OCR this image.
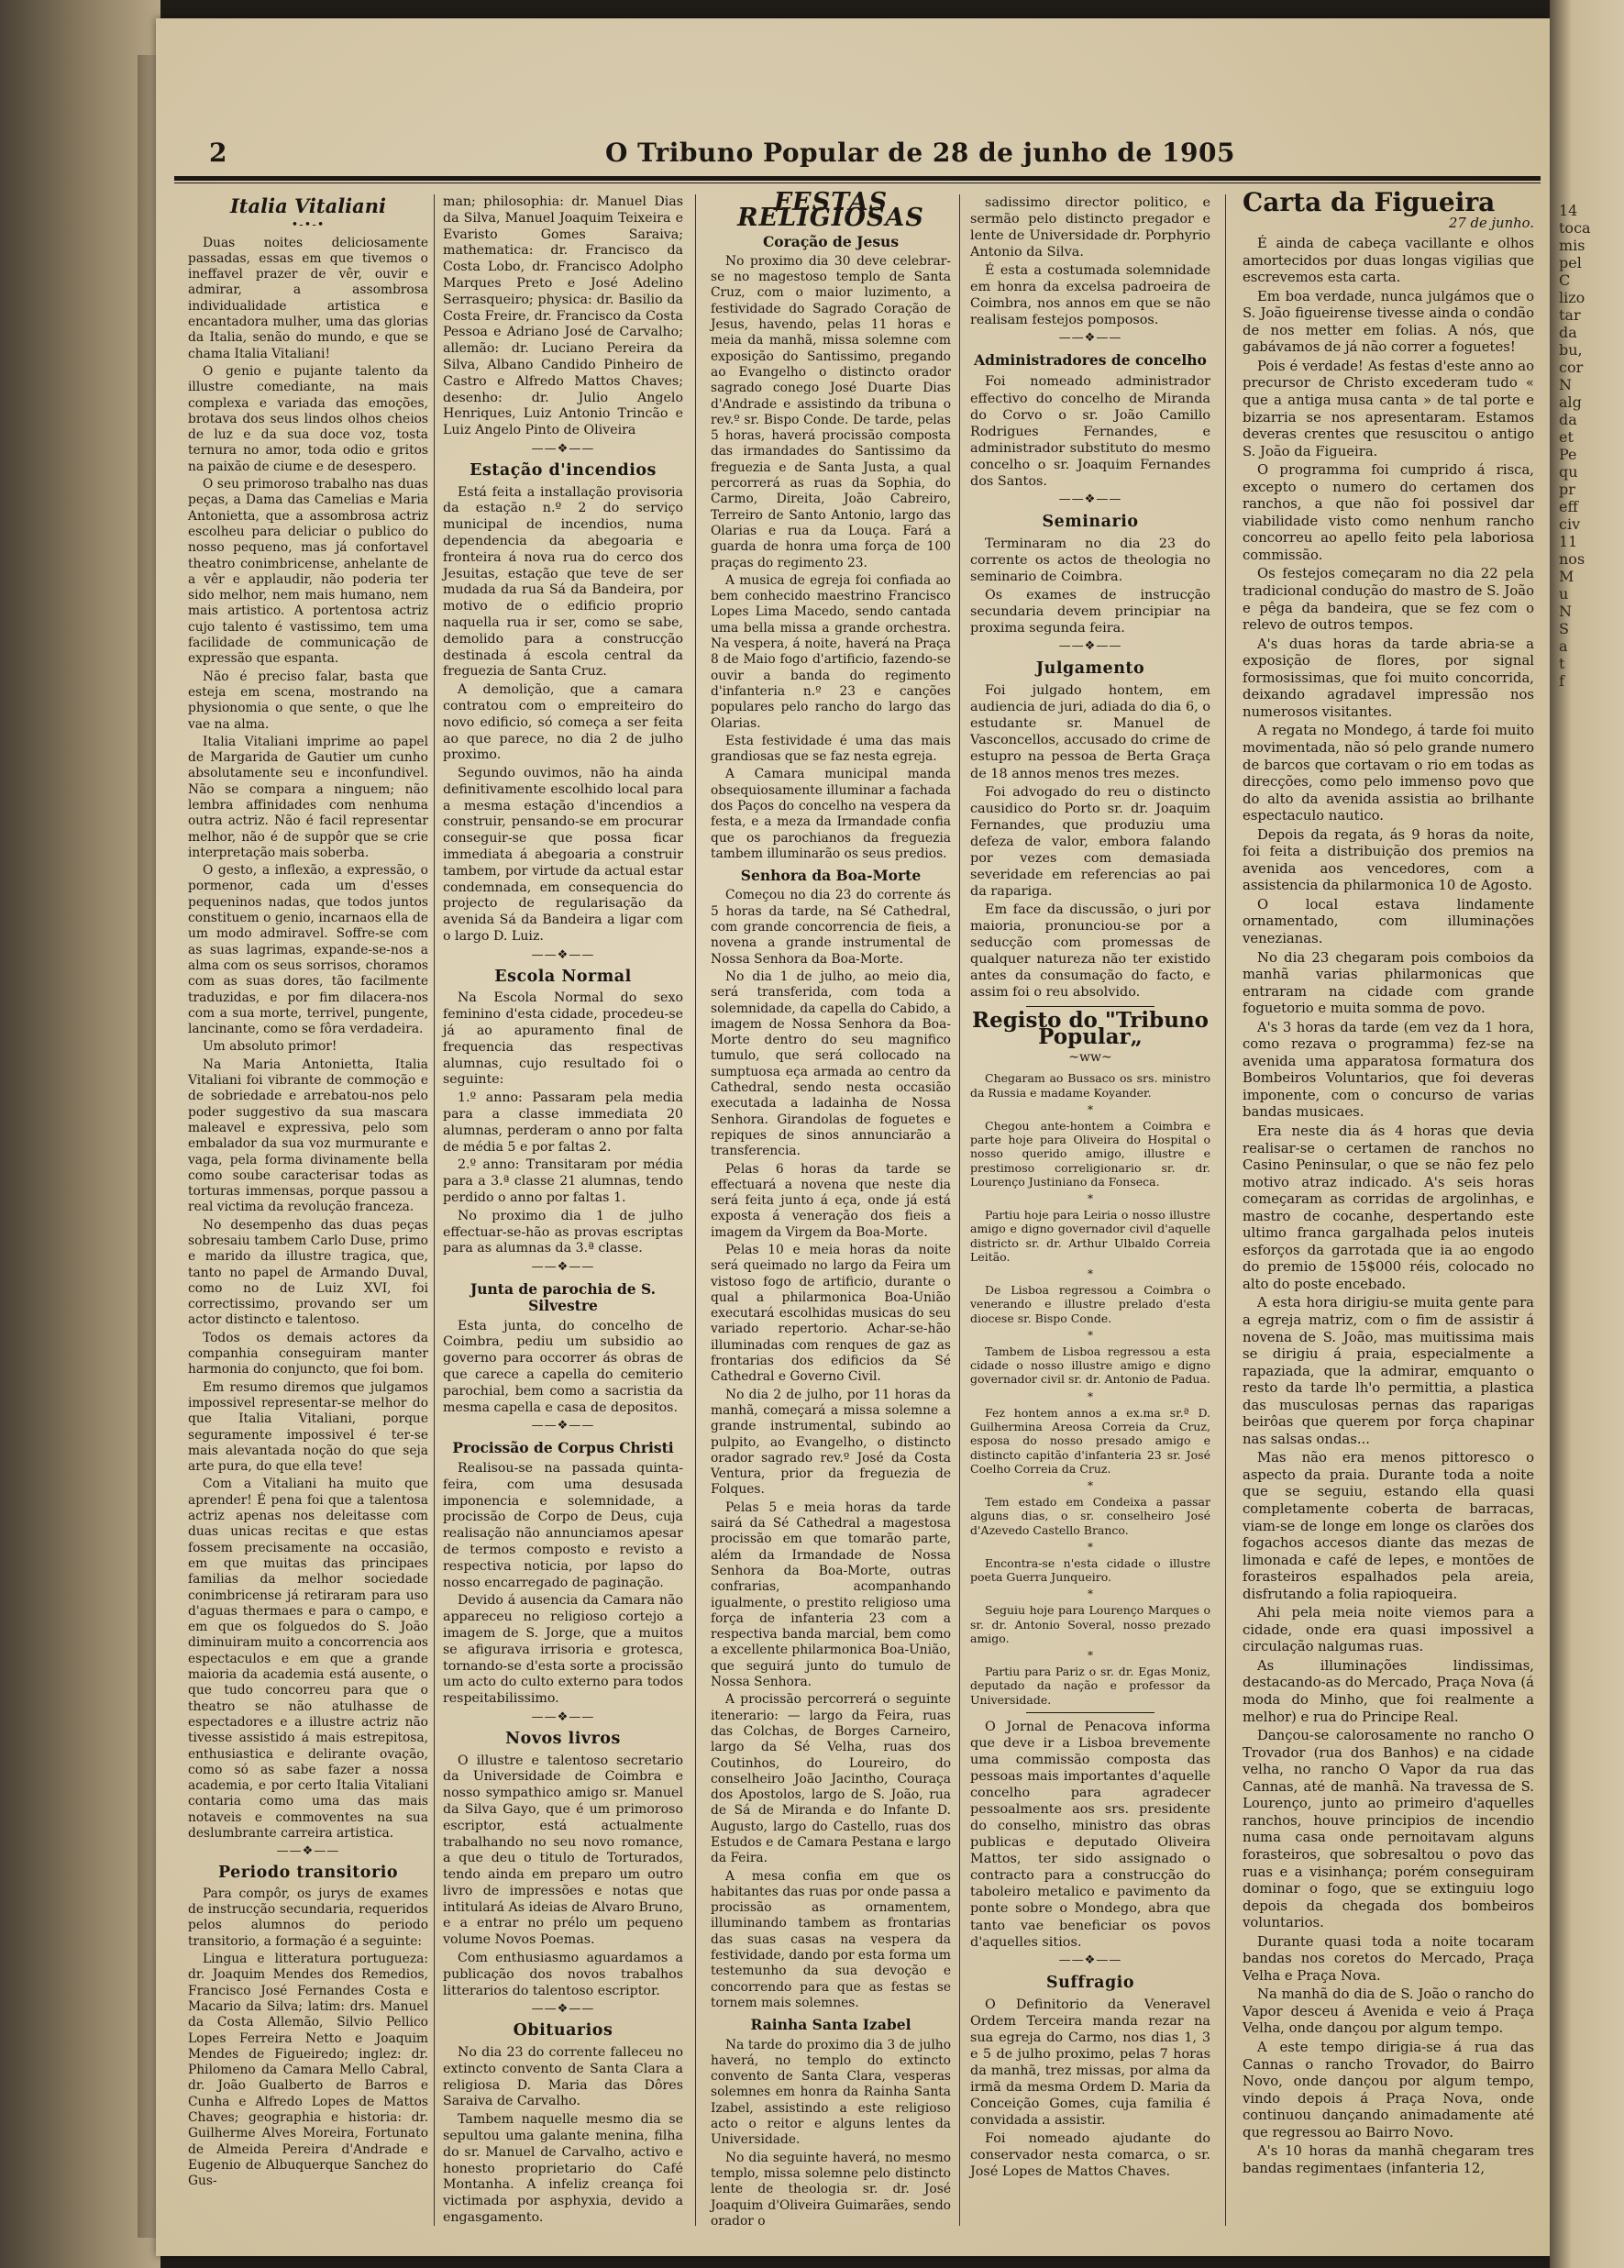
14
toca
mis
pel
C
lizo
tar
da
bu,
cor
N
alg
da
et
Pe
qu
pr
eff
civ
11
nos
M
u
N
S
a
t
f
2	O Tribuno Popular de 28 de junho de 1905
Italia Vitaliani
•-•-•

Duas noites deliciosamente passadas, essas em que tivemos o ineffavel prazer de vêr, ouvir e admirar, a assombrosa individualidade artistica e encantadora mulher, uma das glorias da Italia, senão do mundo, e que se chama Italia Vitaliani!

O genio e pujante talento da illustre comediante, na mais complexa e variada das emoções, brotava dos seus lindos olhos cheios de luz e da sua doce voz, tosta ternura no amor, toda odio e gritos na paixão de ciume e de desespero.

O seu primoroso trabalho nas duas peças, a Dama das Camelias e Maria Antonietta, que a assombrosa actriz escolheu para deliciar o publico do nosso pequeno, mas já confortavel theatro conimbricense, anhelante de a vêr e applaudir, não poderia ter sido melhor, nem mais humano, nem mais artistico. A portentosa actriz cujo talento é vastissimo, tem uma facilidade de communicação de expressão que espanta.

Não é preciso falar, basta que esteja em scena, mostrando na physionomia o que sente, o que lhe vae na alma.

Italia Vitaliani imprime ao papel de Margarida de Gautier um cunho absolutamente seu e inconfundivel. Não se compara a ninguem; não lembra affinidades com nenhuma outra actriz. Não é facil representar melhor, não é de suppôr que se crie interpretação mais soberba.

O gesto, a inflexão, a expressão, o pormenor, cada um d'esses pequeninos nadas, que todos juntos constituem o genio, incarnaos ella de um modo admiravel. Soffre-se com as suas lagrimas, expande-se-nos a alma com os seus sorrisos, choramos com as suas dores, tão facilmente traduzidas, e por fim dilacera-nos com a sua morte, terrivel, pungente, lancinante, como se fôra verdadeira.

Um absoluto primor!

Na Maria Antonietta, Italia Vitaliani foi vibrante de commoção e de sobriedade e arrebatou-nos pelo poder suggestivo da sua mascara maleavel e expressiva, pelo som embalador da sua voz murmurante e vaga, pela forma divinamente bella como soube caracterisar todas as torturas immensas, porque passou a real victima da revolução franceza.

No desempenho das duas peças sobresaiu tambem Carlo Duse, primo e marido da illustre tragica, que, tanto no papel de Armando Duval, como no de Luiz XVI, foi correctissimo, provando ser um actor distincto e talentoso.

Todos os demais actores da companhia conseguiram manter harmonia do conjuncto, que foi bom.

Em resumo diremos que julgamos impossivel representar-se melhor do que Italia Vitaliani, porque seguramente impossivel é ter-se mais alevantada noção do que seja arte pura, do que ella teve!

Com a Vitaliani ha muito que aprender! É pena foi que a talentosa actriz apenas nos deleitasse com duas unicas recitas e que estas fossem precisamente na occasião, em que muitas das principaes familias da melhor sociedade conimbricense já retiraram para uso d'aguas thermaes e para o campo, e em que os folguedos do S. João diminuiram muito a concorrencia aos espectaculos e em que a grande maioria da academia está ausente, o que tudo concorreu para que o theatro se não atulhasse de espectadores e a illustre actriz não tivesse assistido á mais estrepitosa, enthusiastica e delirante ovação, como só as sabe fazer a nossa academia, e por certo Italia Vitaliani contaria como uma das mais notaveis e commoventes na sua deslumbrante carreira artistica.

——❖——
Periodo transitorio

Para compôr, os jurys de exames de instrucção secundaria, requeridos pelos alumnos do periodo transitorio, a formação é a seguinte:

Lingua e litteratura portugueza: dr. Joaquim Mendes dos Remedios, Francisco José Fernandes Costa e Macario da Silva; latim: drs. Manuel da Costa Allemão, Silvio Pellico Lopes Ferreira Netto e Joaquim Mendes de Figueiredo; inglez: dr. Philomeno da Camara Mello Cabral, dr. João Gualberto de Barros e Cunha e Alfredo Lopes de Mattos Chaves; geographia e historia: dr. Guilherme Alves Moreira, Fortunato de Almeida Pereira d'Andrade e Eugenio de Albuquerque Sanchez do Gus-

man; philosophia: dr. Manuel Dias da Silva, Manuel Joaquim Teixeira e Evaristo Gomes Saraiva; mathematica: dr. Francisco da Costa Lobo, dr. Francisco Adolpho Marques Preto e José Adelino Serrasqueiro; physica: dr. Basilio da Costa Freire, dr. Francisco da Costa Pessoa e Adriano José de Carvalho; allemão: dr. Luciano Pereira da Silva, Albano Candido Pinheiro de Castro e Alfredo Mattos Chaves; desenho: dr. Julio Angelo Henriques, Luiz Antonio Trincão e Luiz Angelo Pinto de Oliveira

——❖——
Estação d'incendios

Está feita a installação provisoria da estação n.º 2 do serviço municipal de incendios, numa dependencia da abegoaria e fronteira á nova rua do cerco dos Jesuitas, estação que teve de ser mudada da rua Sá da Bandeira, por motivo de o edificio proprio naquella rua ir ser, como se sabe, demolido para a construcção destinada á escola central da freguezia de Santa Cruz.

A demolição, que a camara contratou com o empreiteiro do novo edificio, só começa a ser feita ao que parece, no dia 2 de julho proximo.

Segundo ouvimos, não ha ainda definitivamente escolhido local para a mesma estação d'incendios a construir, pensando-se em procurar conseguir-se que possa ficar immediata á abegoaria a construir tambem, por virtude da actual estar condemnada, em consequencia do projecto de regularisação da avenida Sá da Bandeira a ligar com o largo D. Luiz.

——❖——
Escola Normal

Na Escola Normal do sexo feminino d'esta cidade, procedeu-se já ao apuramento final de frequencia das respectivas alumnas, cujo resultado foi o seguinte:

1.º anno: Passaram pela media para a classe immediata 20 alumnas, perderam o anno por falta de média 5 e por faltas 2.

2.º anno: Transitaram por média para a 3.ª classe 21 alumnas, tendo perdido o anno por faltas 1.

No proximo dia 1 de julho effectuar-se-hão as provas escriptas para as alumnas da 3.ª classe.

——❖——
Junta de parochia de S. Silvestre

Esta junta, do concelho de Coimbra, pediu um subsidio ao governo para occorrer ás obras de que carece a capella do cemiterio parochial, bem como a sacristia da mesma capella e casa de depositos.

——❖——
Procissão de Corpus Christi

Realisou-se na passada quinta-feira, com uma desusada imponencia e solemnidade, a procissão de Corpo de Deus, cuja realisação não annunciamos apesar de termos composto e revisto a respectiva noticia, por lapso do nosso encarregado de paginação.

Devido á ausencia da Camara não appareceu no religioso cortejo a imagem de S. Jorge, que a muitos se afigurava irrisoria e grotesca, tornando-se d'esta sorte a procissão um acto do culto externo para todos respeitabilissimo.

——❖——
Novos livros

O illustre e talentoso secretario da Universidade de Coimbra e nosso sympathico amigo sr. Manuel da Silva Gayo, que é um primoroso escriptor, está actualmente trabalhando no seu novo romance, a que deu o titulo de Torturados, tendo ainda em preparo um outro livro de impressões e notas que intitulará As ideias de Alvaro Bruno, e a entrar no prélo um pequeno volume Novos Poemas.

Com enthusiasmo aguardamos a publicação dos novos trabalhos litterarios do talentoso escriptor.

——❖——
Obituarios

No dia 23 do corrente falleceu no extincto convento de Santa Clara a religiosa D. Maria das Dôres Saraiva de Carvalho.

Tambem naquelle mesmo dia se sepultou uma galante menina, filha do sr. Manuel de Carvalho, activo e honesto proprietario do Café Montanha. A infeliz creança foi victimada por asphyxia, devido a engasgamento.

FESTAS RELIGIOSAS
Coração de Jesus

No proximo dia 30 deve celebrar-se no magestoso templo de Santa Cruz, com o maior luzimento, a festividade do Sagrado Coração de Jesus, havendo, pelas 11 horas e meia da manhã, missa solemne com exposição do Santissimo, pregando ao Evangelho o distincto orador sagrado conego José Duarte Dias d'Andrade e assistindo da tribuna o rev.º sr. Bispo Conde. De tarde, pelas 5 horas, haverá procissão composta das irmandades do Santissimo da freguezia e de Santa Justa, a qual percorrerá as ruas da Sophia, do Carmo, Direita, João Cabreiro, Terreiro de Santo Antonio, largo das Olarias e rua da Louça. Fará a guarda de honra uma força de 100 praças do regimento 23.

A musica de egreja foi confiada ao bem conhecido maestrino Francisco Lopes Lima Macedo, sendo cantada uma bella missa a grande orchestra. Na vespera, á noite, haverá na Praça 8 de Maio fogo d'artificio, fazendo-se ouvir a banda do regimento d'infanteria n.º 23 e canções populares pelo rancho do largo das Olarias.

Esta festividade é uma das mais grandiosas que se faz nesta egreja.

A Camara municipal manda obsequiosamente illuminar a fachada dos Paços do concelho na vespera da festa, e a meza da Irmandade confia que os parochianos da freguezia tambem illuminarão os seus predios.

Senhora da Boa-Morte

Começou no dia 23 do corrente ás 5 horas da tarde, na Sé Cathedral, com grande concorrencia de fieis, a novena a grande instrumental de Nossa Senhora da Boa-Morte.

No dia 1 de julho, ao meio dia, será transferida, com toda a solemnidade, da capella do Cabido, a imagem de Nossa Senhora da Boa-Morte dentro do seu magnifico tumulo, que será collocado na sumptuosa eça armada ao centro da Cathedral, sendo nesta occasião executada a ladainha de Nossa Senhora. Girandolas de foguetes e repiques de sinos annunciarão a transferencia.

Pelas 6 horas da tarde se effectuará a novena que neste dia será feita junto á eça, onde já está exposta á veneração dos fieis a imagem da Virgem da Boa-Morte.

Pelas 10 e meia horas da noite será queimado no largo da Feira um vistoso fogo de artificio, durante o qual a philarmonica Boa-União executará escolhidas musicas do seu variado repertorio. Achar-se-hão illuminadas com renques de gaz as frontarias dos edificios da Sé Cathedral e Governo Civil.

No dia 2 de julho, por 11 horas da manhã, começará a missa solemne a grande instrumental, subindo ao pulpito, ao Evangelho, o distincto orador sagrado rev.º José da Costa Ventura, prior da freguezia de Folques.

Pelas 5 e meia horas da tarde sairá da Sé Cathedral a magestosa procissão em que tomarão parte, além da Irmandade de Nossa Senhora da Boa-Morte, outras confrarias, acompanhando igualmente, o prestito religioso uma força de infanteria 23 com a respectiva banda marcial, bem como a excellente philarmonica Boa-União, que seguirá junto do tumulo de Nossa Senhora.

A procissão percorrerá o seguinte itenerario: — largo da Feira, ruas das Colchas, de Borges Carneiro, largo da Sé Velha, ruas dos Coutinhos, do Loureiro, do conselheiro João Jacintho, Couraça dos Apostolos, largo de S. João, rua de Sá de Miranda e do Infante D. Augusto, largo do Castello, ruas dos Estudos e de Camara Pestana e largo da Feira.

A mesa confia em que os habitantes das ruas por onde passa a procissão as ornamentem, illuminando tambem as frontarias das suas casas na vespera da festividade, dando por esta forma um testemunho da sua devoção e concorrendo para que as festas se tornem mais solemnes.

Rainha Santa Izabel

Na tarde do proximo dia 3 de julho haverá, no templo do extincto convento de Santa Clara, vesperas solemnes em honra da Rainha Santa Izabel, assistindo a este religioso acto o reitor e alguns lentes da Universidade.

No dia seguinte haverá, no mesmo templo, missa solemne pelo distincto lente de theologia sr. dr. José Joaquim d'Oliveira Guimarães, sendo orador o

sadissimo director politico, e sermão pelo distincto pregador e lente de Universidade dr. Porphyrio Antonio da Silva.

É esta a costumada solemnidade em honra da excelsa padroeira de Coimbra, nos annos em que se não realisam festejos pomposos.

——❖——
Administradores de concelho

Foi nomeado administrador effectivo do concelho de Miranda do Corvo o sr. João Camillo Rodrigues Fernandes, e administrador substituto do mesmo concelho o sr. Joaquim Fernandes dos Santos.

——❖——
Seminario

Terminaram no dia 23 do corrente os actos de theologia no seminario de Coimbra.

Os exames de instrucção secundaria devem principiar na proxima segunda feira.

——❖——
Julgamento

Foi julgado hontem, em audiencia de juri, adiada do dia 6, o estudante sr. Manuel de Vasconcellos, accusado do crime de estupro na pessoa de Berta Graça de 18 annos menos tres mezes.

Foi advogado do reu o distincto causidico do Porto sr. dr. Joaquim Fernandes, que produziu uma defeza de valor, embora falando por vezes com demasiada severidade em referencias ao pai da rapariga.

Em face da discussão, o juri por maioria, pronunciou-se por a seducção com promessas de qualquer natureza não ter existido antes da consumação do facto, e assim foi o reu absolvido.

Registo do "Tribuno Popular„
~ww~

Chegaram ao Bussaco os srs. ministro da Russia e madame Koyander.

*

Chegou ante-hontem a Coimbra e parte hoje para Oliveira do Hospital o nosso querido amigo, illustre e prestimoso correligionario sr. dr. Lourenço Justiniano da Fonseca.

*

Partiu hoje para Leiria o nosso illustre amigo e digno governador civil d'aquelle districto sr. dr. Arthur Ulbaldo Correia Leitão.

*

De Lisboa regressou a Coimbra o venerando e illustre prelado d'esta diocese sr. Bispo Conde.

*

Tambem de Lisboa regressou a esta cidade o nosso illustre amigo e digno governador civil sr. dr. Antonio de Padua.

*

Fez hontem annos a ex.ma sr.ª D. Guilhermina Areosa Correia da Cruz, esposa do nosso presado amigo e distincto capitão d'infanteria 23 sr. José Coelho Correia da Cruz.

*

Tem estado em Condeixa a passar alguns dias, o sr. conselheiro José d'Azevedo Castello Branco.

*

Encontra-se n'esta cidade o illustre poeta Guerra Junqueiro.

*

Seguiu hoje para Lourenço Marques o sr. dr. Antonio Soveral, nosso prezado amigo.

*

Partiu para Pariz o sr. dr. Egas Moniz, deputado da nação e professor da Universidade.

O Jornal de Penacova informa que deve ir a Lisboa brevemente uma commissão composta das pessoas mais importantes d'aquelle concelho para agradecer pessoalmente aos srs. presidente do conselho, ministro das obras publicas e deputado Oliveira Mattos, ter sido assignado o contracto para a construcção do taboleiro metalico e pavimento da ponte sobre o Mondego, abra que tanto vae beneficiar os povos d'aquelles sitios.

——❖——
Suffragio

O Definitorio da Veneravel Ordem Terceira manda rezar na sua egreja do Carmo, nos dias 1, 3 e 5 de julho proximo, pelas 7 horas da manhã, trez missas, por alma da irmã da mesma Ordem D. Maria da Conceição Gomes, cuja familia é convidada a assistir.

Foi nomeado ajudante do conservador nesta comarca, o sr. José Lopes de Mattos Chaves.

Carta da Figueira
27 de junho.

É ainda de cabeça vacillante e olhos amortecidos por duas longas vigilias que escrevemos esta carta.

Em boa verdade, nunca julgámos que o S. João figueirense tivesse ainda o condão de nos metter em folias. A nós, que gabávamos de já não correr a foguetes!

Pois é verdade! As festas d'este anno ao precursor de Christo excederam tudo « que a antiga musa canta » de tal porte e bizarria se nos apresentaram. Estamos deveras crentes que resuscitou o antigo S. João da Figueira.

O programma foi cumprido á risca, excepto o numero do certamen dos ranchos, a que não foi possivel dar viabilidade visto como nenhum rancho concorreu ao apello feito pela laboriosa commissão.

Os festejos começaram no dia 22 pela tradicional condução do mastro de S. João e pêga da bandeira, que se fez com o relevo de outros tempos.

A's duas horas da tarde abria-se a exposição de flores, por signal formosissimas, que foi muito concorrida, deixando agradavel impressão nos numerosos visitantes.

A regata no Mondego, á tarde foi muito movimentada, não só pelo grande numero de barcos que cortavam o rio em todas as direcções, como pelo immenso povo que do alto da avenida assistia ao brilhante espectaculo nautico.

Depois da regata, ás 9 horas da noite, foi feita a distribuição dos premios na avenida aos vencedores, com a assistencia da philarmonica 10 de Agosto.

O local estava lindamente ornamentado, com illuminações venezianas.

No dia 23 chegaram pois comboios da manhã varias philarmonicas que entraram na cidade com grande foguetorio e muita somma de povo.

A's 3 horas da tarde (em vez da 1 hora, como rezava o programma) fez-se na avenida uma apparatosa formatura dos Bombeiros Voluntarios, que foi deveras imponente, com o concurso de varias bandas musicaes.

Era neste dia ás 4 horas que devia realisar-se o certamen de ranchos no Casino Peninsular, o que se não fez pelo motivo atraz indicado. A's seis horas começaram as corridas de argolinhas, e mastro de cocanhe, despertando este ultimo franca gargalhada pelos inuteis esforços da garrotada que ia ao engodo do premio de 15$000 réis, colocado no alto do poste encebado.

A esta hora dirigiu-se muita gente para a egreja matriz, com o fim de assistir á novena de S. João, mas muitissima mais se dirigiu á praia, especialmente a rapaziada, que la admirar, emquanto o resto da tarde lh'o permittia, a plastica das musculosas pernas das raparigas beirôas que querem por força chapinar nas salsas ondas...

Mas não era menos pittoresco o aspecto da praia. Durante toda a noite que se seguiu, estando ella quasi completamente coberta de barracas, viam-se de longe em longe os clarões dos fogachos accesos diante das mezas de limonada e café de lepes, e montões de forasteiros espalhados pela areia, disfrutando a folia rapioqueira.

Ahi pela meia noite viemos para a cidade, onde era quasi impossivel a circulação nalgumas ruas.

As illuminações lindissimas, destacando-as do Mercado, Praça Nova (á moda do Minho, que foi realmente a melhor) e rua do Principe Real.

Dançou-se calorosamente no rancho O Trovador (rua dos Banhos) e na cidade velha, no rancho O Vapor da rua das Cannas, até de manhã. Na travessa de S. Lourenço, junto ao primeiro d'aquelles ranchos, houve principios de incendio numa casa onde pernoitavam alguns forasteiros, que sobresaltou o povo das ruas e a visinhança; porém conseguiram dominar o fogo, que se extinguiu logo depois da chegada dos bombeiros voluntarios.

Durante quasi toda a noite tocaram bandas nos coretos do Mercado, Praça Velha e Praça Nova.

Na manhã do dia de S. João o rancho do Vapor desceu á Avenida e veio á Praça Velha, onde dançou por algum tempo.

A este tempo dirigia-se á rua das Cannas o rancho Trovador, do Bairro Novo, onde dançou por algum tempo, vindo depois á Praça Nova, onde continuou dançando animadamente até que regressou ao Bairro Novo.

A's 10 horas da manhã chegaram tres bandas regimentaes (infanteria 12,
